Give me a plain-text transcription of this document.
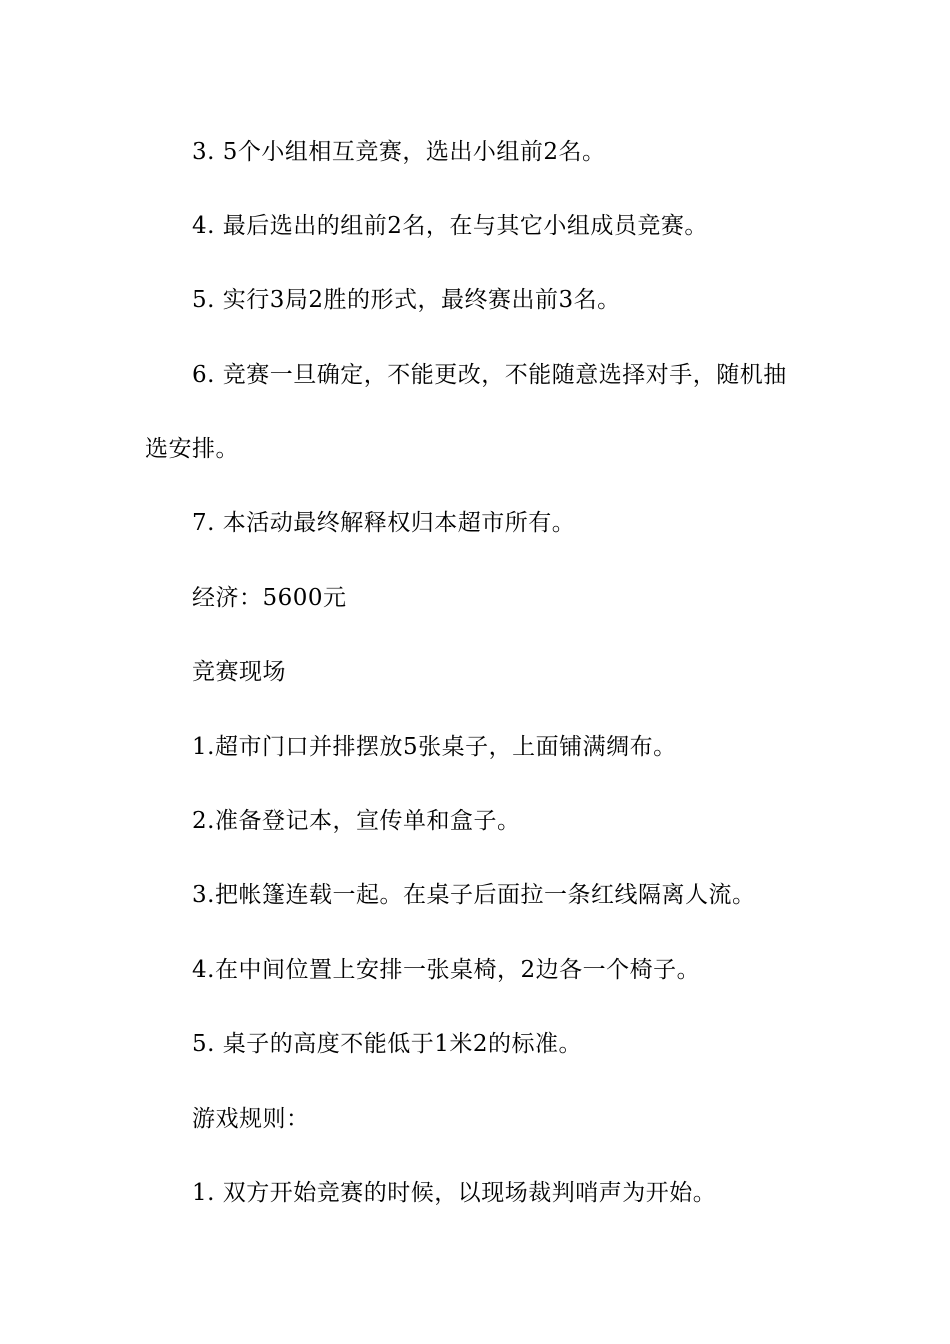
3. 5个小组相互竞赛，选出小组前2名。
4. 最后选出的组前2名，在与其它小组成员竞赛。
5. 实行3局2胜的形式，最终赛出前3名。
6. 竞赛一旦确定，不能更改，不能随意选择对手，随机抽
选安排。
7. 本活动最终解释权归本超市所有。
经济：5600元
竞赛现场
1.超市门口并排摆放5张桌子，上面铺满绸布。
2.准备登记本，宣传单和盒子。
3.把帐篷连载一起。在桌子后面拉一条红线隔离人流。
4.在中间位置上安排一张桌椅，2边各一个椅子。
5. 桌子的高度不能低于1米2的标准。
游戏规则：
1. 双方开始竞赛的时候，以现场裁判哨声为开始。
